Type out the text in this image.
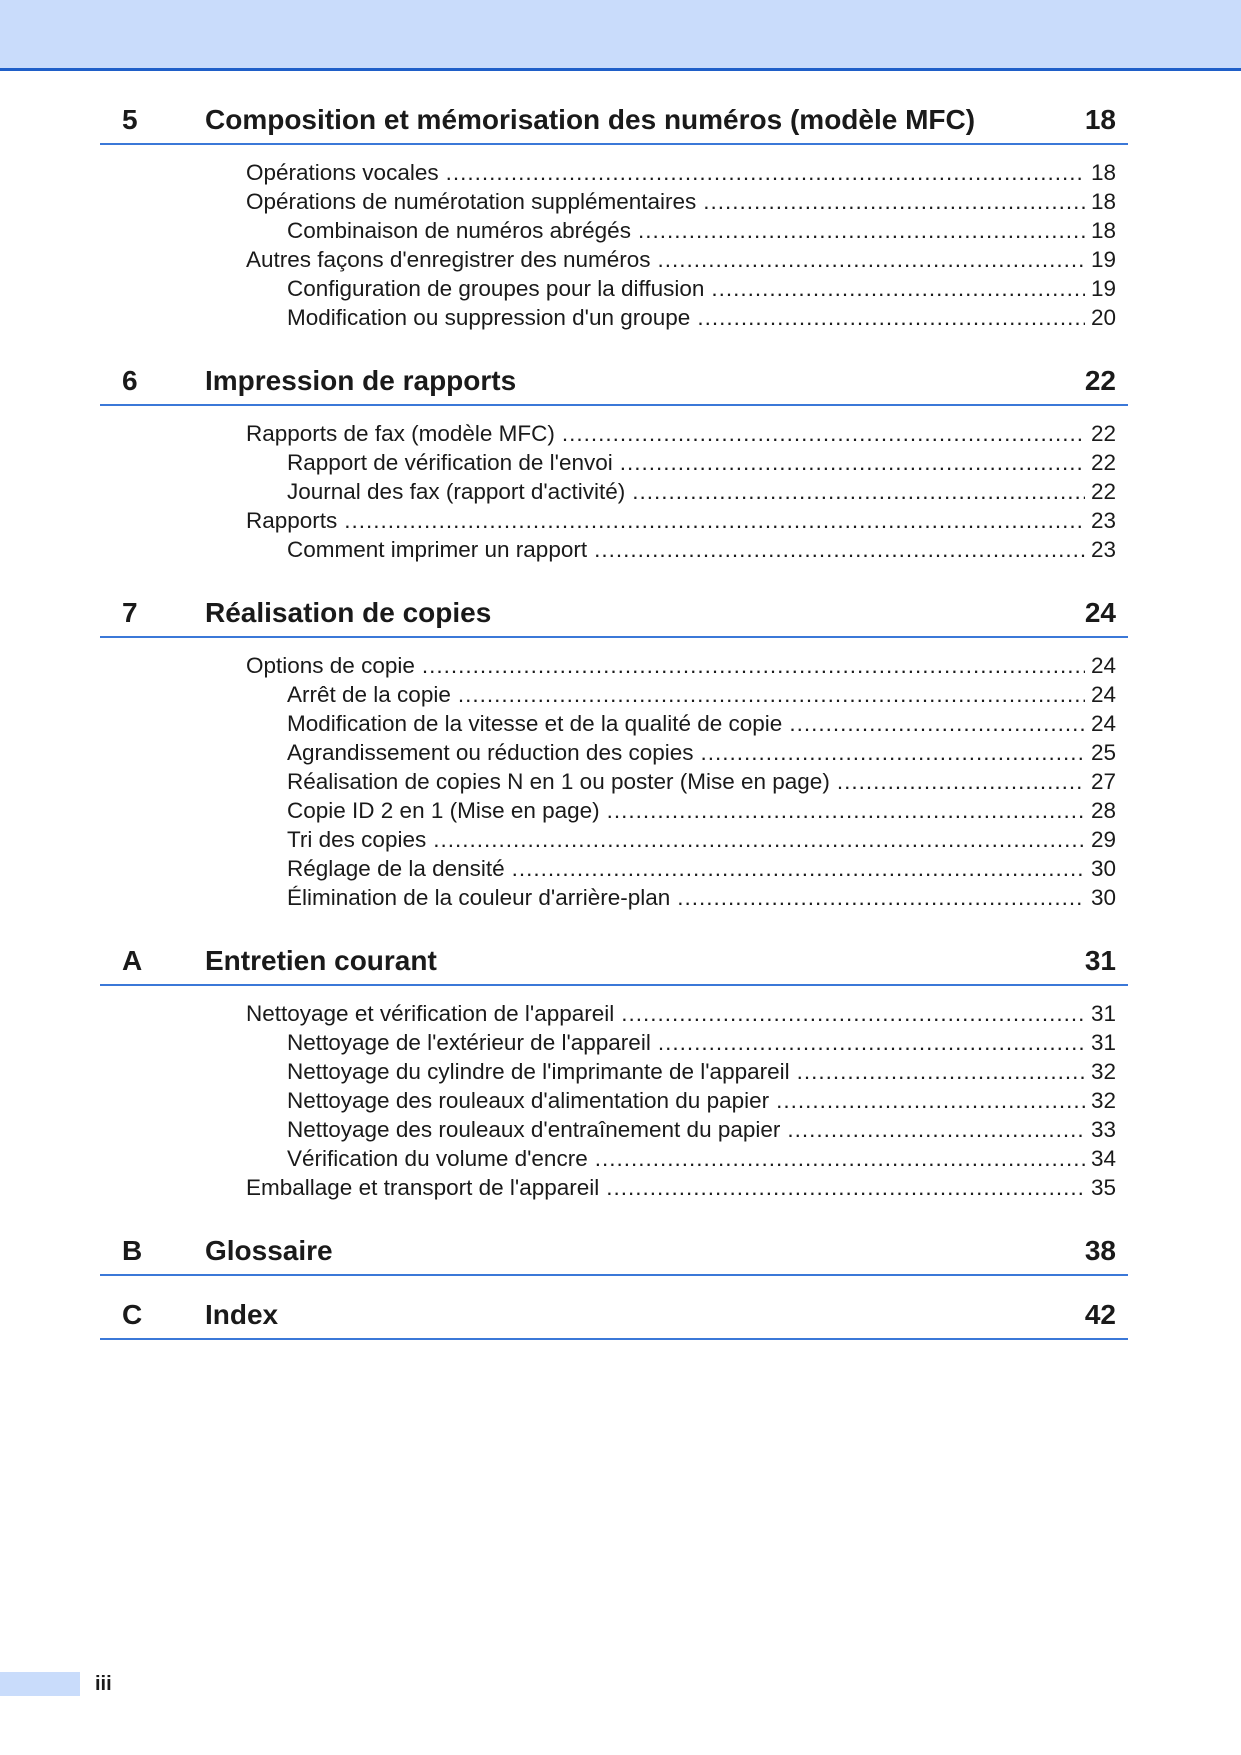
5	Composition et mémorisation des numéros (modèle MFC)	18
Opérations vocales .....	18
Opérations de numérotation supplémentaires .....	18
Combinaison de numéros abrégés .....	18
Autres façons d'enregistrer des numéros .....	19
Configuration de groupes pour la diffusion .....	19
Modification ou suppression d'un groupe .....	20
6	Impression de rapports	22
Rapports de fax (modèle MFC) .....	22
Rapport de vérification de l'envoi .....	22
Journal des fax (rapport d'activité) .....	22
Rapports .....	23
Comment imprimer un rapport .....	23
7	Réalisation de copies	24
Options de copie .....	24
Arrêt de la copie .....	24
Modification de la vitesse et de la qualité de copie .....	24
Agrandissement ou réduction des copies .....	25
Réalisation de copies N en 1 ou poster (Mise en page) .....	27
Copie ID 2 en 1 (Mise en page) .....	28
Tri des copies .....	29
Réglage de la densité .....	30
Élimination de la couleur d'arrière-plan .....	30
A	Entretien courant	31
Nettoyage et vérification de l'appareil .....	31
Nettoyage de l'extérieur de l'appareil .....	31
Nettoyage du cylindre de l'imprimante de l'appareil .....	32
Nettoyage des rouleaux d'alimentation du papier .....	32
Nettoyage des rouleaux d'entraînement du papier .....	33
Vérification du volume d'encre .....	34
Emballage et transport de l'appareil .....	35
B	Glossaire	38
C	Index	42
iii
